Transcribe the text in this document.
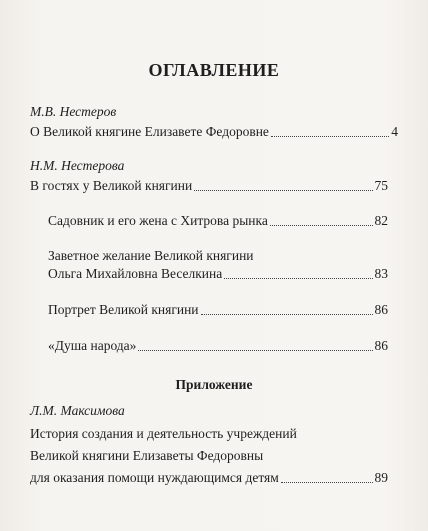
ОГЛАВЛЕНИЕ
М.В. Нестеров
О Великой княгине Елизавете Федоровне	4
Н.М. Нестерова
В гостях у Великой княгини	75
Садовник и его жена с Хитрова рынка	82
Заветное желание Великой княгини
Ольга Михайловна Веселкина	83
Портрет Великой княгини	86
«Душа народа»	86
Приложение
Л.М. Максимова
История создания и деятельность учреждений
Великой княгини Елизаветы Федоровны
для оказания помощи нуждающимся детям	89
